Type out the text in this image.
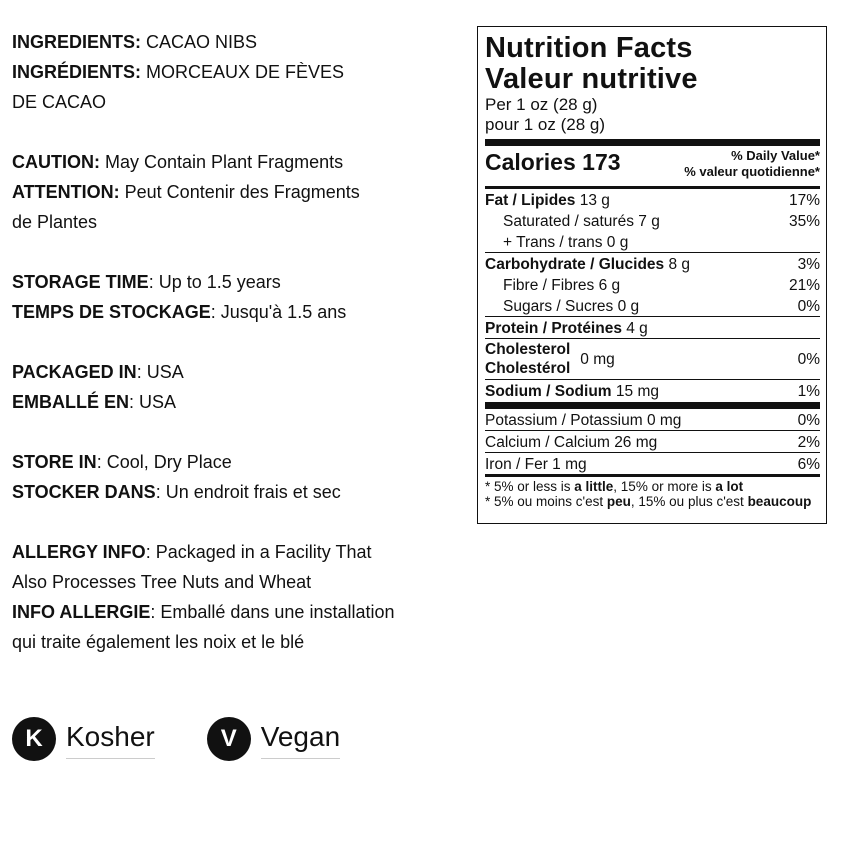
INGREDIENTS: CACAO NIBS
INGRÉDIENTS: MORCEAUX DE FÈVES
DE CACAO
CAUTION: May Contain Plant Fragments
ATTENTION: Peut Contenir des Fragments
de Plantes
STORAGE TIME: Up to 1.5 years
TEMPS DE STOCKAGE: Jusqu'à 1.5 ans
PACKAGED IN: USA
EMBALLÉ EN: USA
STORE IN: Cool, Dry Place
STOCKER DANS: Un endroit frais et sec
ALLERGY INFO: Packaged in a Facility That
Also Processes Tree Nuts and Wheat
INFO ALLERGIE: Emballé dans une installation
qui traite également les noix et le blé
K Kosher	V Vegan
Nutrition Facts
Valeur nutritive
Per 1 oz (28 g)
pour 1 oz (28 g)
Calories 173	% Daily Value*
% valeur quotidienne*
Fat / Lipides 13 g	17%
Saturated / saturés 7 g	35%
+ Trans / trans 0 g
Carbohydrate / Glucides 8 g	3%
Fibre / Fibres 6 g	21%
Sugars / Sucres 0 g	0%
Protein / Protéines 4 g
Cholesterol
Cholestérol
0 mg	0%
Sodium / Sodium 15 mg	1%
Potassium / Potassium 0 mg	0%
Calcium / Calcium 26 mg	2%
Iron / Fer 1 mg	6%
* 5% or less is a little, 15% or more is a lot
* 5% ou moins c'est peu, 15% ou plus c'est beaucoup
